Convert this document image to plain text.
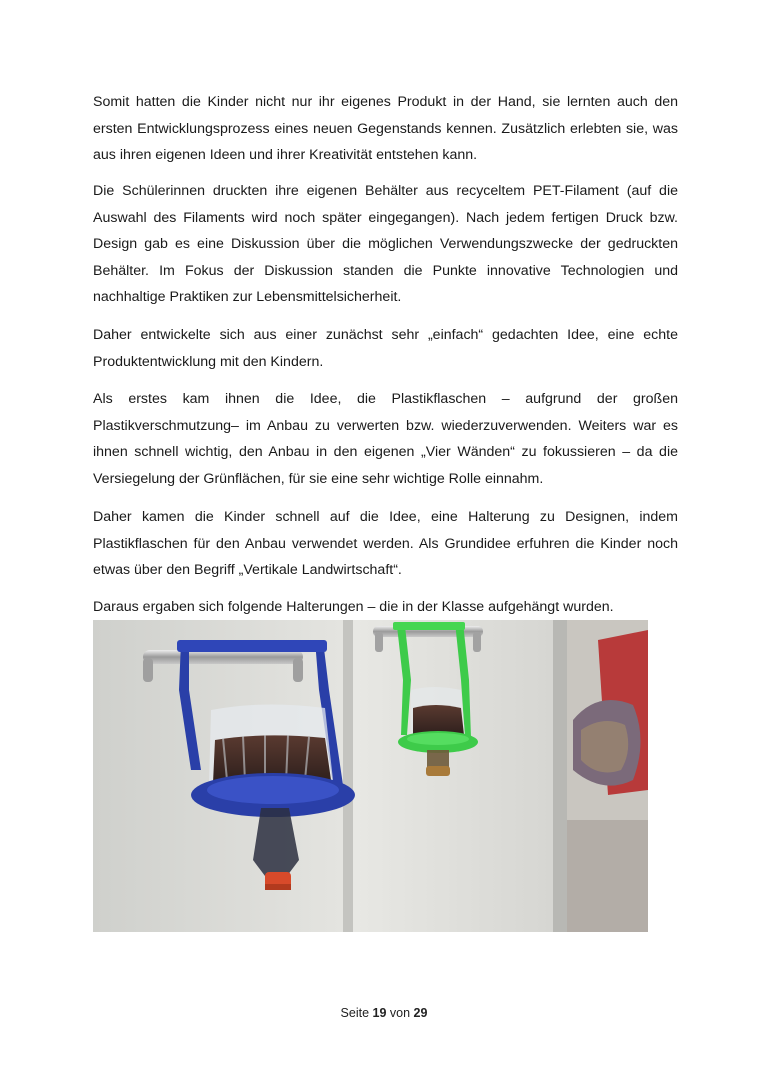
Somit hatten die Kinder nicht nur ihr eigenes Produkt in der Hand, sie lernten auch den ersten Entwicklungsprozess eines neuen Gegenstands kennen. Zusätzlich erlebten sie, was aus ihren eigenen Ideen und ihrer Kreativität entstehen kann.

Die Schülerinnen druckten ihre eigenen Behälter aus recyceltem PET-Filament (auf die Auswahl des Filaments wird noch später eingegangen). Nach jedem fertigen Druck bzw. Design gab es eine Diskussion über die möglichen Verwendungszwecke der gedruckten Behälter. Im Fokus der Diskussion standen die Punkte innovative Technologien und nachhaltige Praktiken zur Lebensmittelsicherheit.

Daher entwickelte sich aus einer zunächst sehr „einfach“ gedachten Idee, eine echte Produktentwicklung mit den Kindern.

Als erstes kam ihnen die Idee, die Plastikflaschen – aufgrund der großen Plastikverschmutzung– im Anbau zu verwerten bzw. wiederzuverwenden. Weiters war es ihnen schnell wichtig, den Anbau in den eigenen „Vier Wänden“ zu fokussieren – da die Versiegelung der Grünflächen, für sie eine sehr wichtige Rolle einnahm.

Daher kamen die Kinder schnell auf die Idee, eine Halterung zu Designen, indem Plastikflaschen für den Anbau verwendet werden. Als Grundidee erfuhren die Kinder noch etwas über den Begriff „Vertikale Landwirtschaft“.

Daraus ergaben sich folgende Halterungen – die in der Klasse aufgehängt wurden.

Seite 19 von 29
